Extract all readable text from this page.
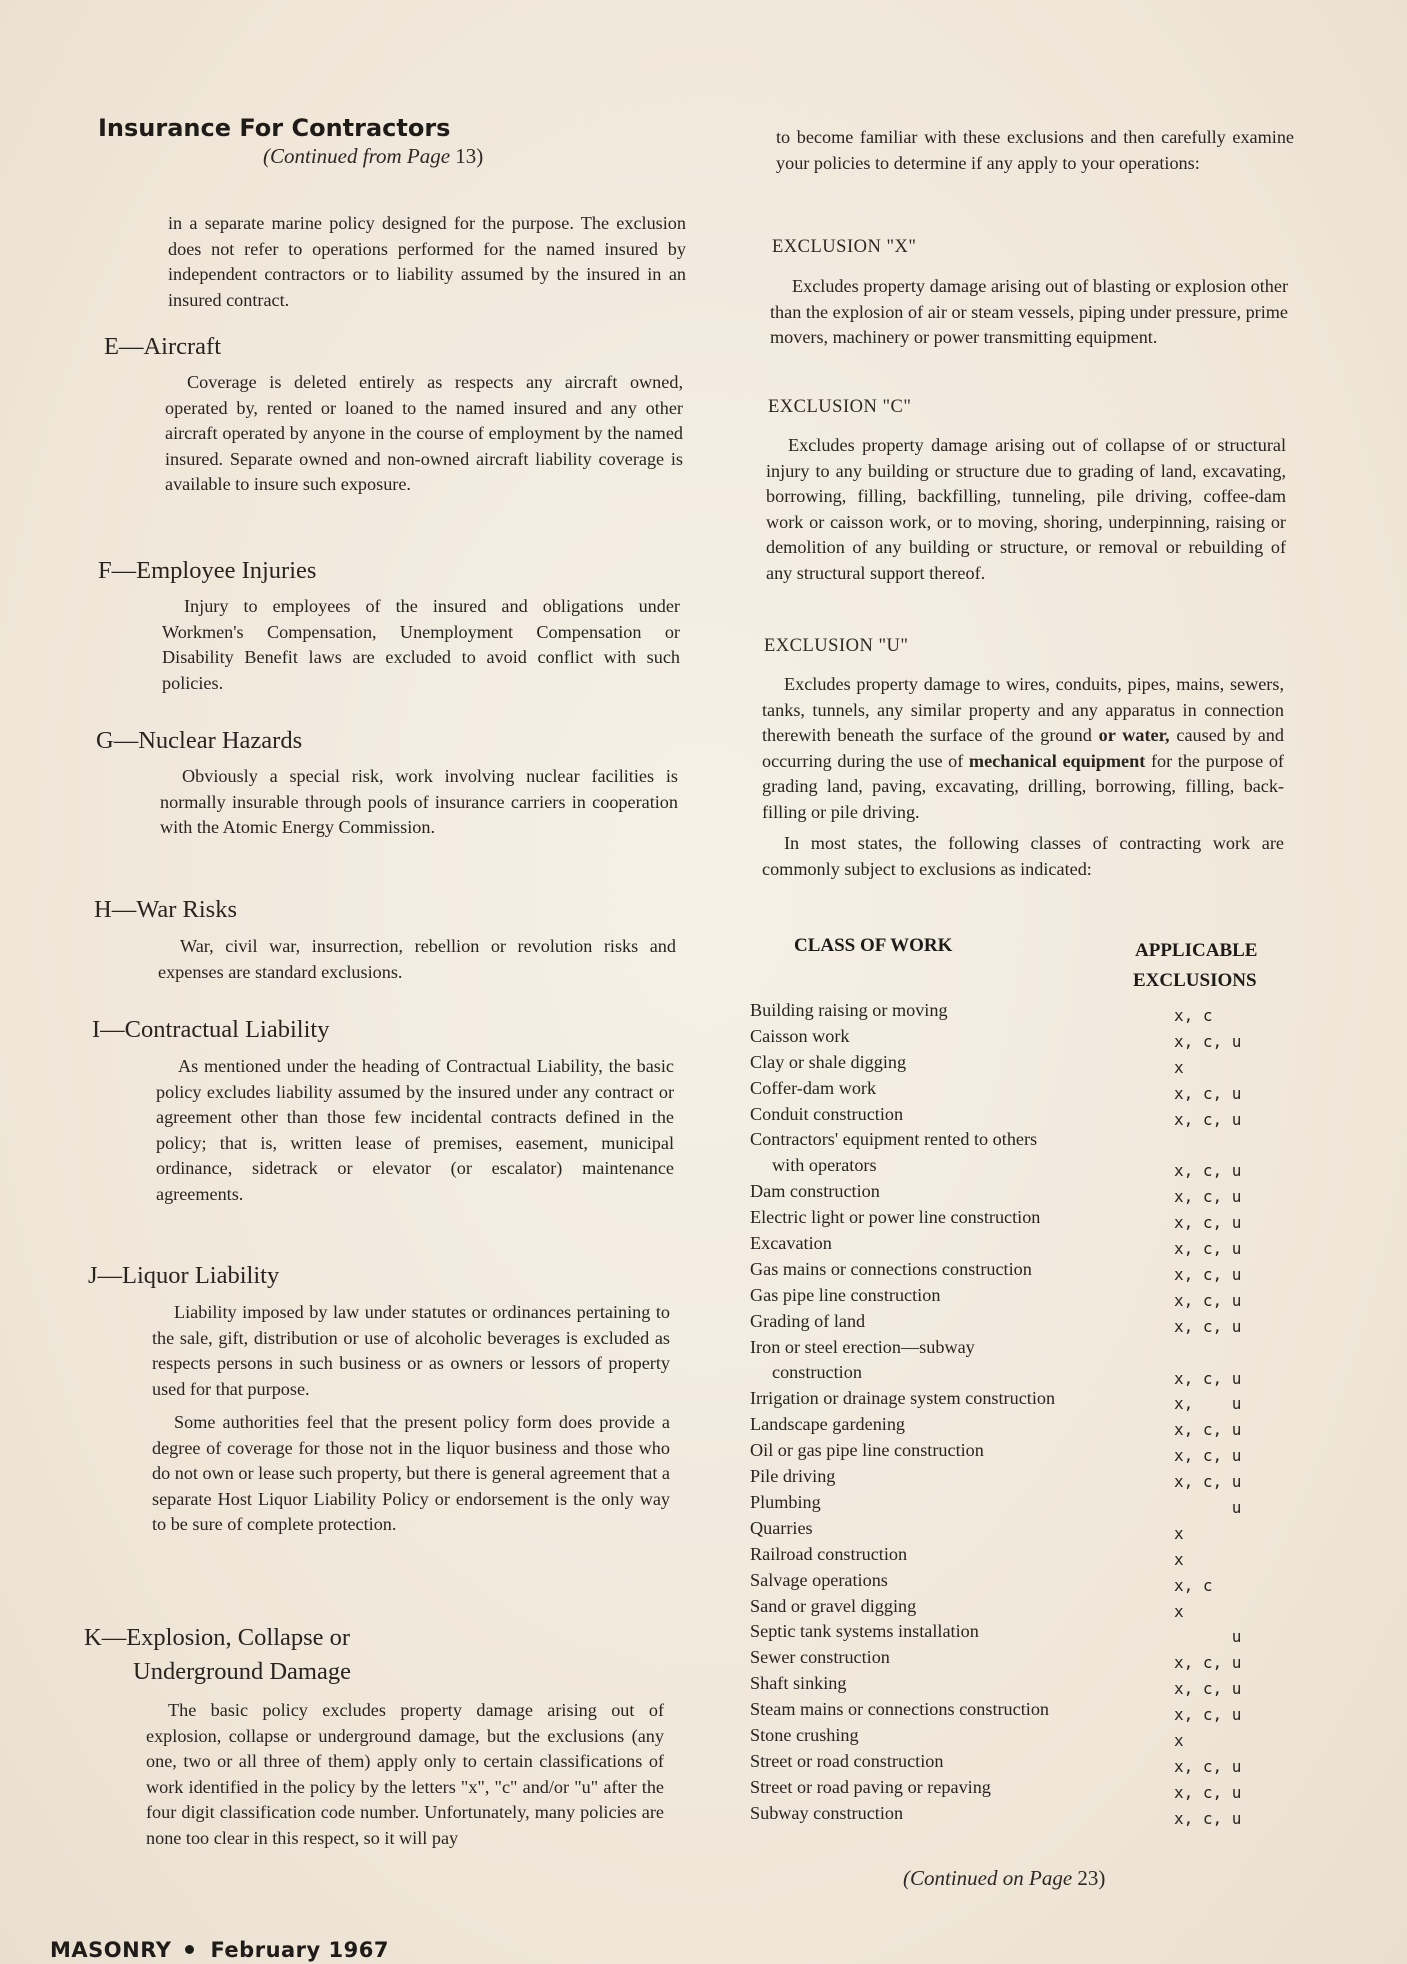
Insurance For Contractors
(Continued from Page 13)

in a separate marine policy designed for the purpose. The exclusion does not refer to operations performed for the named insured by independent contractors or to liability assumed by the insured in an insured contract.

E—Aircraft

Coverage is deleted entirely as respects any aircraft owned, operated by, rented or loaned to the named insured and any other aircraft operated by anyone in the course of employment by the named insured. Separate owned and non-owned aircraft liability coverage is available to insure such exposure.

F—Employee Injuries

Injury to employees of the insured and obligations under Workmen's Compensation, Unemployment Compensation or Disability Benefit laws are excluded to avoid conflict with such policies.

G—Nuclear Hazards

Obviously a special risk, work involving nuclear facilities is normally insurable through pools of insurance carriers in cooperation with the Atomic Energy Commission.

H—War Risks

War, civil war, insurrection, rebellion or revolution risks and expenses are standard exclusions.

I—Contractual Liability

As mentioned under the heading of Contractual Liability, the basic policy excludes liability assumed by the insured under any contract or agreement other than those few incidental contracts defined in the policy; that is, written lease of premises, easement, municipal ordinance, sidetrack or elevator (or escalator) maintenance agreements.

J—Liquor Liability

Liability imposed by law under statutes or ordinances pertaining to the sale, gift, distribution or use of alcoholic beverages is excluded as respects persons in such business or as owners or lessors of property used for that purpose.

Some authorities feel that the present policy form does provide a degree of coverage for those not in the liquor business and those who do not own or lease such property, but there is general agreement that a separate Host Liquor Liability Policy or endorsement is the only way to be sure of complete protection.

K—Explosion, Collapse or
Underground Damage

The basic policy excludes property damage arising out of explosion, collapse or underground damage, but the exclusions (any one, two or all three of them) apply only to certain classifications of work identified in the policy by the letters "x", "c" and/or "u" after the four digit classification code number. Unfortunately, many policies are none too clear in this respect, so it will pay

to become familiar with these exclusions and then carefully examine your policies to determine if any apply to your operations:

EXCLUSION "X"

Excludes property damage arising out of blasting or explosion other than the explosion of air or steam vessels, piping under pressure, prime movers, machinery or power transmitting equipment.

EXCLUSION "C"

Excludes property damage arising out of collapse of or structural injury to any building or structure due to grading of land, excavating, borrowing, filling, backfilling, tunneling, pile driving, coffee-dam work or caisson work, or to moving, shoring, underpinning, raising or demolition of any building or structure, or removal or rebuilding of any structural support thereof.

EXCLUSION "U"

Excludes property damage to wires, conduits, pipes, mains, sewers, tanks, tunnels, any similar property and any apparatus in connection therewith beneath the surface of the ground or water, caused by and occurring during the use of mechanical equipment for the purpose of grading land, paving, excavating, drilling, borrowing, filling, back-filling or pile driving.

In most states, the following classes of contracting work are commonly subject to exclusions as indicated:

CLASS OF WORK	APPLICABLE
EXCLUSIONS
Building raising or moving	x, c
Caisson work	x, c, u
Clay or shale digging	x
Coffer-dam work	x, c, u
Conduit construction	x, c, u
Contractors' equipment rented to others
with operators	x, c, u
Dam construction	x, c, u
Electric light or power line construction	x, c, u
Excavation	x, c, u
Gas mains or connections construction	x, c, u
Gas pipe line construction	x, c, u
Grading of land	x, c, u
Iron or steel erection—subway
construction	x, c, u
Irrigation or drainage system construction	x,    u
Landscape gardening	x, c, u
Oil or gas pipe line construction	x, c, u
Pile driving	x, c, u
Plumbing	u
Quarries	x
Railroad construction	x
Salvage operations	x, c
Sand or gravel digging	x
Septic tank systems installation	u
Sewer construction	x, c, u
Shaft sinking	x, c, u
Steam mains or connections construction	x, c, u
Stone crushing	x
Street or road construction	x, c, u
Street or road paving or repaving	x, c, u
Subway construction	x, c, u
(Continued on Page 23)
MASONRY February 1967
